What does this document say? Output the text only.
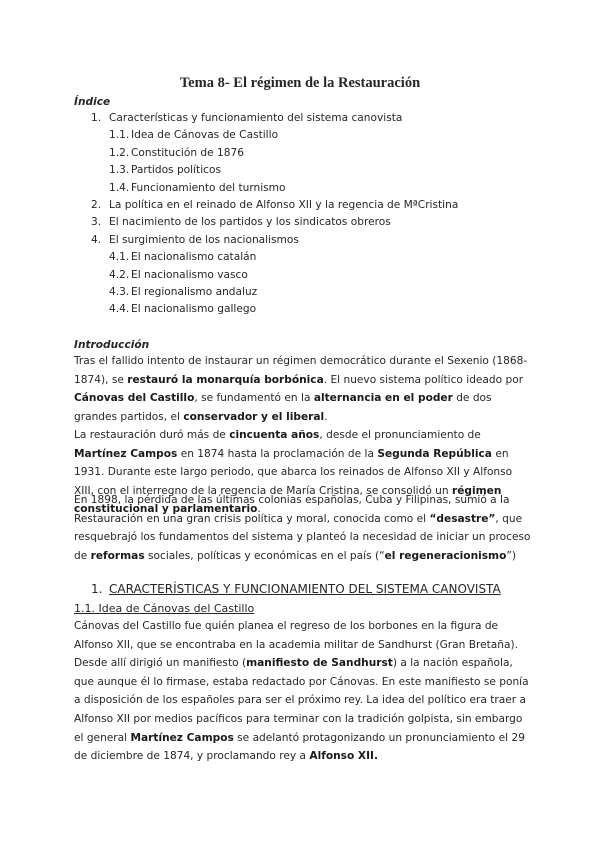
Tema 8- El régimen de la Restauración
Índice
1. Características y funcionamiento del sistema canovista
1.1. Idea de Cánovas de Castillo
1.2. Constitución de 1876
1.3. Partidos políticos
1.4. Funcionamiento del turnismo
2. La política en el reinado de Alfonso XII y la regencia de MªCristina
3. El nacimiento de los partidos y los sindicatos obreros
4. El surgimiento de los nacionalismos
4.1. El nacionalismo catalán
4.2. El nacionalismo vasco
4.3. El regionalismo andaluz
4.4. El nacionalismo gallego
Introducción

Tras el fallido intento de instaurar un régimen democrático durante el Sexenio (1868-1874), se restauró la monarquía borbónica. El nuevo sistema político ideado por Cánovas del Castillo, se fundamentó en la alternancia en el poder de dos grandes partidos, el conservador y el liberal.

La restauración duró más de cincuenta años, desde el pronunciamiento de Martínez Campos en 1874 hasta la proclamación de la Segunda República en 1931. Durante este largo periodo, que abarca los reinados de Alfonso XII y Alfonso XIII, con el interregno de la regencia de María Cristina, se consolidó un régimen constitucional y parlamentario.

En 1898, la pérdida de las últimas colonias españolas, Cuba y Filipinas, sumió a la Restauración en una gran crisis política y moral, conocida como el “desastre”, que resquebrajó los fundamentos del sistema y planteó la necesidad de iniciar un proceso de reformas sociales, políticas y económicas en el país (“el regeneracionismo”)

1. CARACTERÍSTICAS Y FUNCIONAMIENTO DEL SISTEMA CANOVISTA
1.1. Idea de Cánovas del Castillo

Cánovas del Castillo fue quién planea el regreso de los borbones en la figura de Alfonso XII, que se encontraba en la academia militar de Sandhurst (Gran Bretaña). Desde allí dirigió un manifiesto (manifiesto de Sandhurst) a la nación española, que aunque él lo firmase, estaba redactado por Cánovas. En este manifiesto se ponía a disposición de los españoles para ser el próximo rey. La idea del político era traer a Alfonso XII por medios pacíficos para terminar con la tradición golpista, sin embargo el general Martínez Campos se adelantó protagonizando un pronunciamiento el 29 de diciembre de 1874, y proclamando rey a Alfonso XII.
